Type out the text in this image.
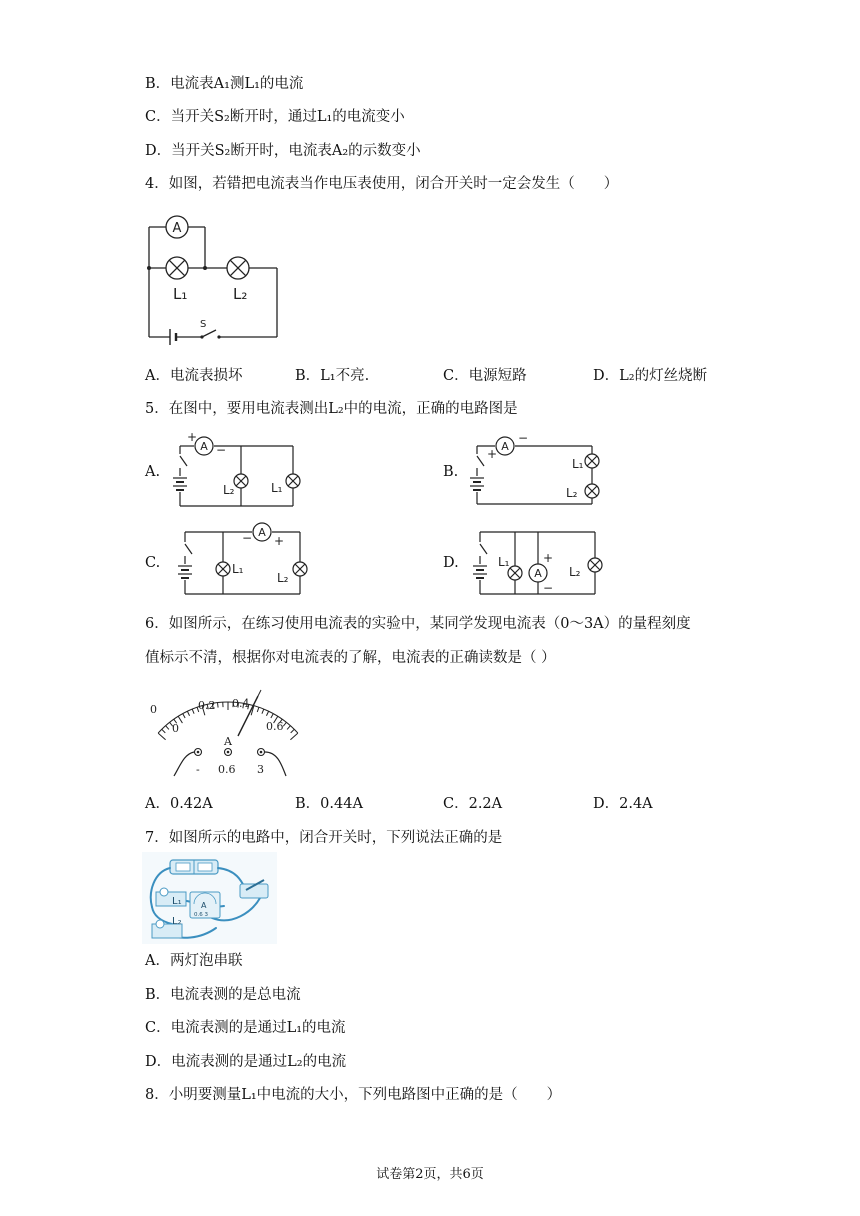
B．电流表A₁测L₁的电流
C．当开关S₂断开时，通过L₁的电流变小
D．当开关S₂断开时，电流表A₂的示数变小
4．如图，若错把电流表当作电压表使用，闭合开关时一定会发生（　　）
A
L₁	L₂
S
A．电流表损坏	B．L₁不亮.	C．电源短路	D．L₂的灯丝烧断
5．在图中，要用电流表测出L₂中的电流，正确的电路图是
A.
A
+
−
L₂	L₁
B.
A
+
−
L₁
L₂
C.
A
− +
L₁
L₂
D.
A
+
−
L₁
L₂
6．如图所示，在练习使用电流表的实验中，某同学发现电流表（0～3A）的量程刻度
值标示不清，根据你对电流表的了解，电流表的正确读数是（ ）
0	0.2 0.4
0	0.6
A
- 0.6 3
A．0.42A	B．0.44A	C．2.2A	D．2.4A
7．如图所示的电路中，闭合开关时，下列说法正确的是
L₁
L₂
A
0.6 3
A．两灯泡串联
B．电流表测的是总电流
C．电流表测的是通过L₁的电流
D．电流表测的是通过L₂的电流
8．小明要测量L₁中电流的大小，下列电路图中正确的是（　　）
试卷第2页，共6页
